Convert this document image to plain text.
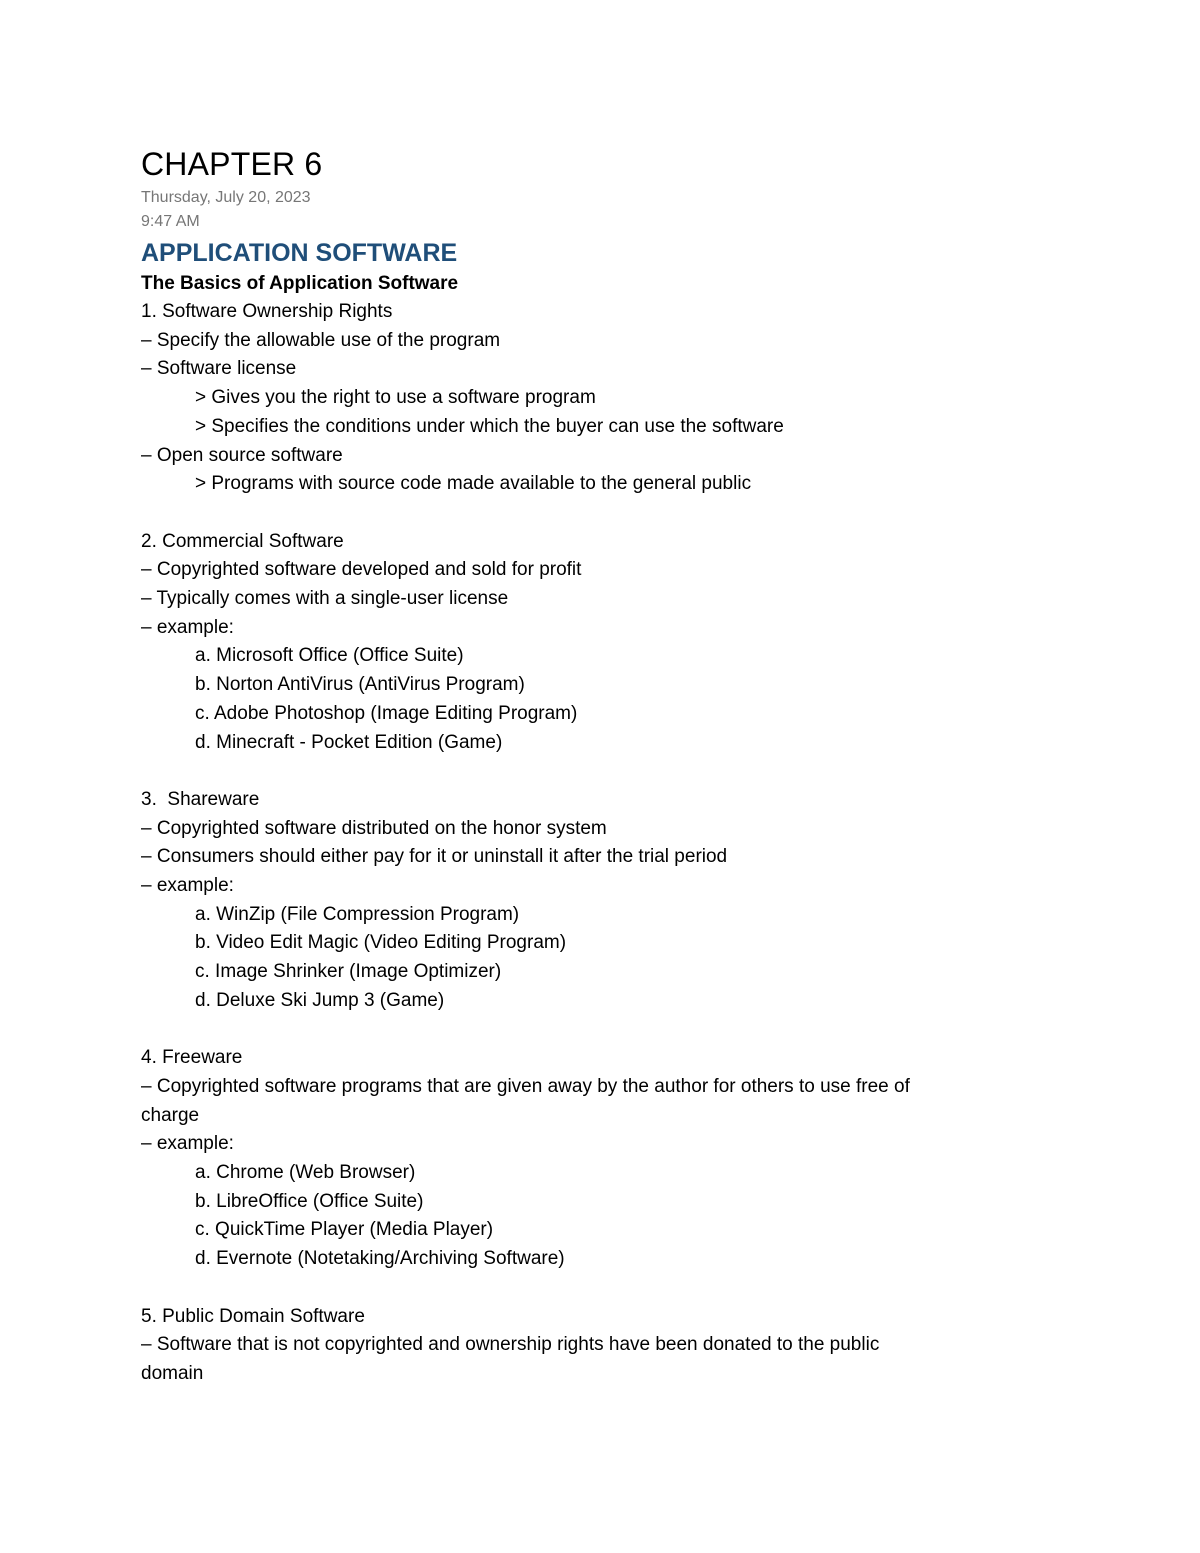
CHAPTER 6

Thursday, July 20, 2023

9:47 AM

APPLICATION SOFTWARE

The Basics of Application Software

1. Software Ownership Rights

– Specify the allowable use of the program

– Software license

> Gives you the right to use a software program

> Specifies the conditions under which the buyer can use the software

– Open source software

> Programs with source code made available to the general public

2. Commercial Software

– Copyrighted software developed and sold for profit

– Typically comes with a single-user license

– example:

a. Microsoft Office (Office Suite)

b. Norton AntiVirus (AntiVirus Program)

c. Adobe Photoshop (Image Editing Program)

d. Minecraft - Pocket Edition (Game)

3.  Shareware

– Copyrighted software distributed on the honor system

– Consumers should either pay for it or uninstall it after the trial period

– example:

a. WinZip (File Compression Program)

b. Video Edit Magic (Video Editing Program)

c. Image Shrinker (Image Optimizer)

d. Deluxe Ski Jump 3 (Game)

4. Freeware

– Copyrighted software programs that are given away by the author for others to use free of

charge

– example:

a. Chrome (Web Browser)

b. LibreOffice (Office Suite)

c. QuickTime Player (Media Player)

d. Evernote (Notetaking/Archiving Software)

5. Public Domain Software

– Software that is not copyrighted and ownership rights have been donated to the public

domain
